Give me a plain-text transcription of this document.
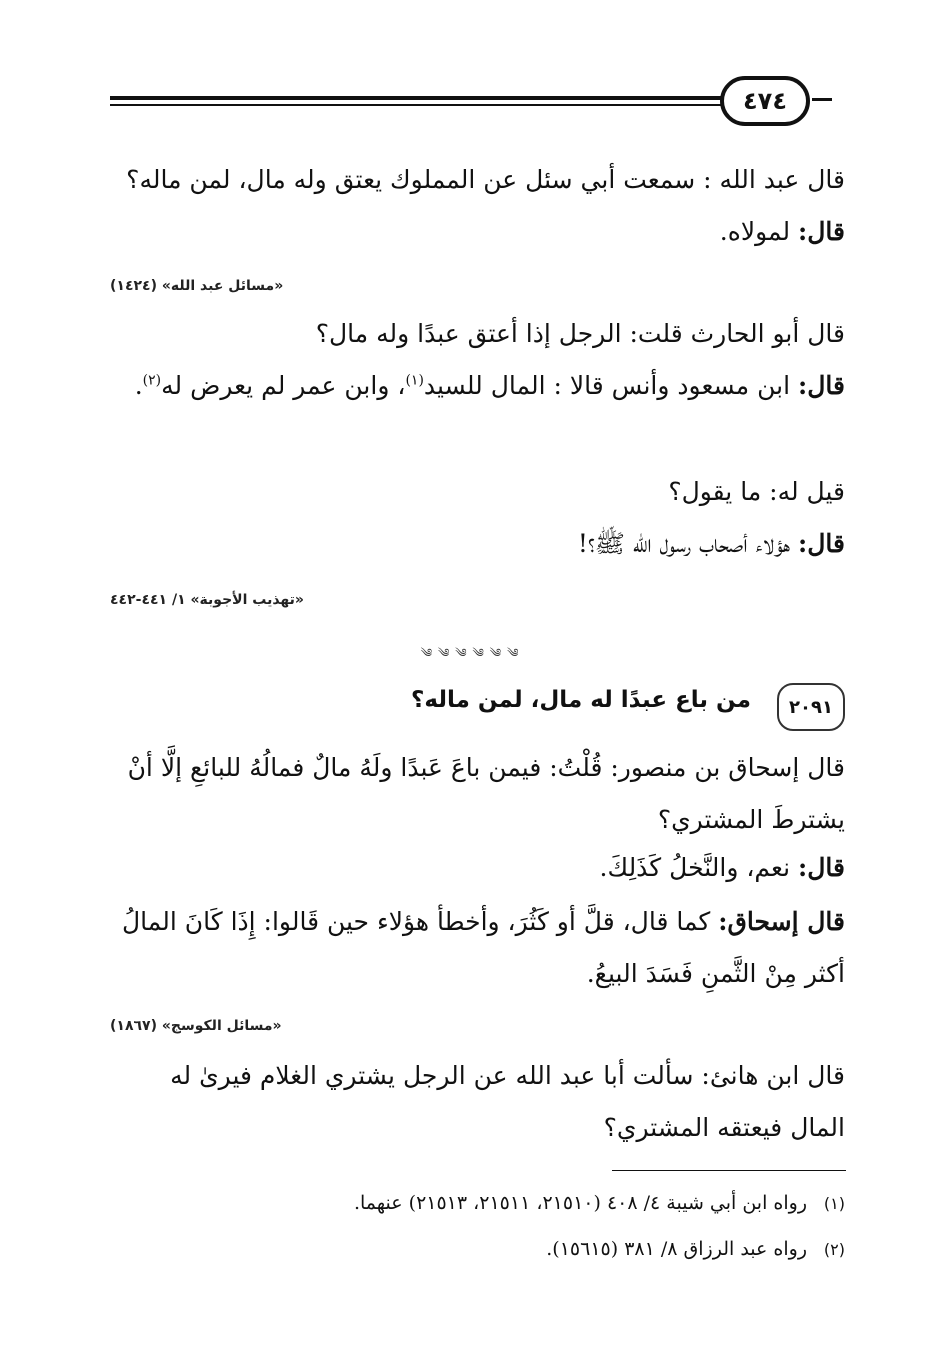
٤٧٤
قال عبد الله : سمعت أبي سئل عن المملوك يعتق وله مال، لمن ماله؟
قال: لمولاه.
«مسائل عبد الله» (١٤٢٤)
قال أبو الحارث قلت: الرجل إذا أعتق عبدًا وله مال؟
قال: ابن مسعود وأنس قالا : المال للسيد$^{(١)}$، وابن عمر لم يعرض له$^{(٢)}$.
قيل له: ما يقول؟
قال: هؤلاء أصحاب رسول الله ﷺ؟!
«تهذيب الأجوبة» ١/ ٤٤١-٤٤٢
༄ ༄ ༄ ༄ ༄ ༄
٢٠٩١
من باع عبدًا له مال، لمن ماله؟
قال إسحاق بن منصور: قُلْتُ: فيمن باعَ عَبدًا ولَهُ مالٌ فمالُهُ للبائعِ إلَّا أنْ يشترطَ المشتري؟
قال: نعم، والنَّخلُ كَذَلِكَ.
قال إسحاق: كما قال، قلَّ أو كَثُرَ، وأخطأ هؤلاء حين قَالوا: إِذَا كَانَ المالُ أكثر مِنْ الثَّمنِ فَسَدَ البيعُ.
«مسائل الكوسج» (١٨٦٧)
قال ابن هانئ: سألت أبا عبد الله عن الرجل يشتري الغلام فيرىٰ له المال فيعتقه المشتري؟
(١)رواه ابن أبي شيبة ٤/ ٤٠٨ (٢١٥١٠، ٢١٥١١، ٢١٥١٣) عنهما.
(٢)رواه عبد الرزاق ٨/ ٣٨١ (١٥٦١٥).
